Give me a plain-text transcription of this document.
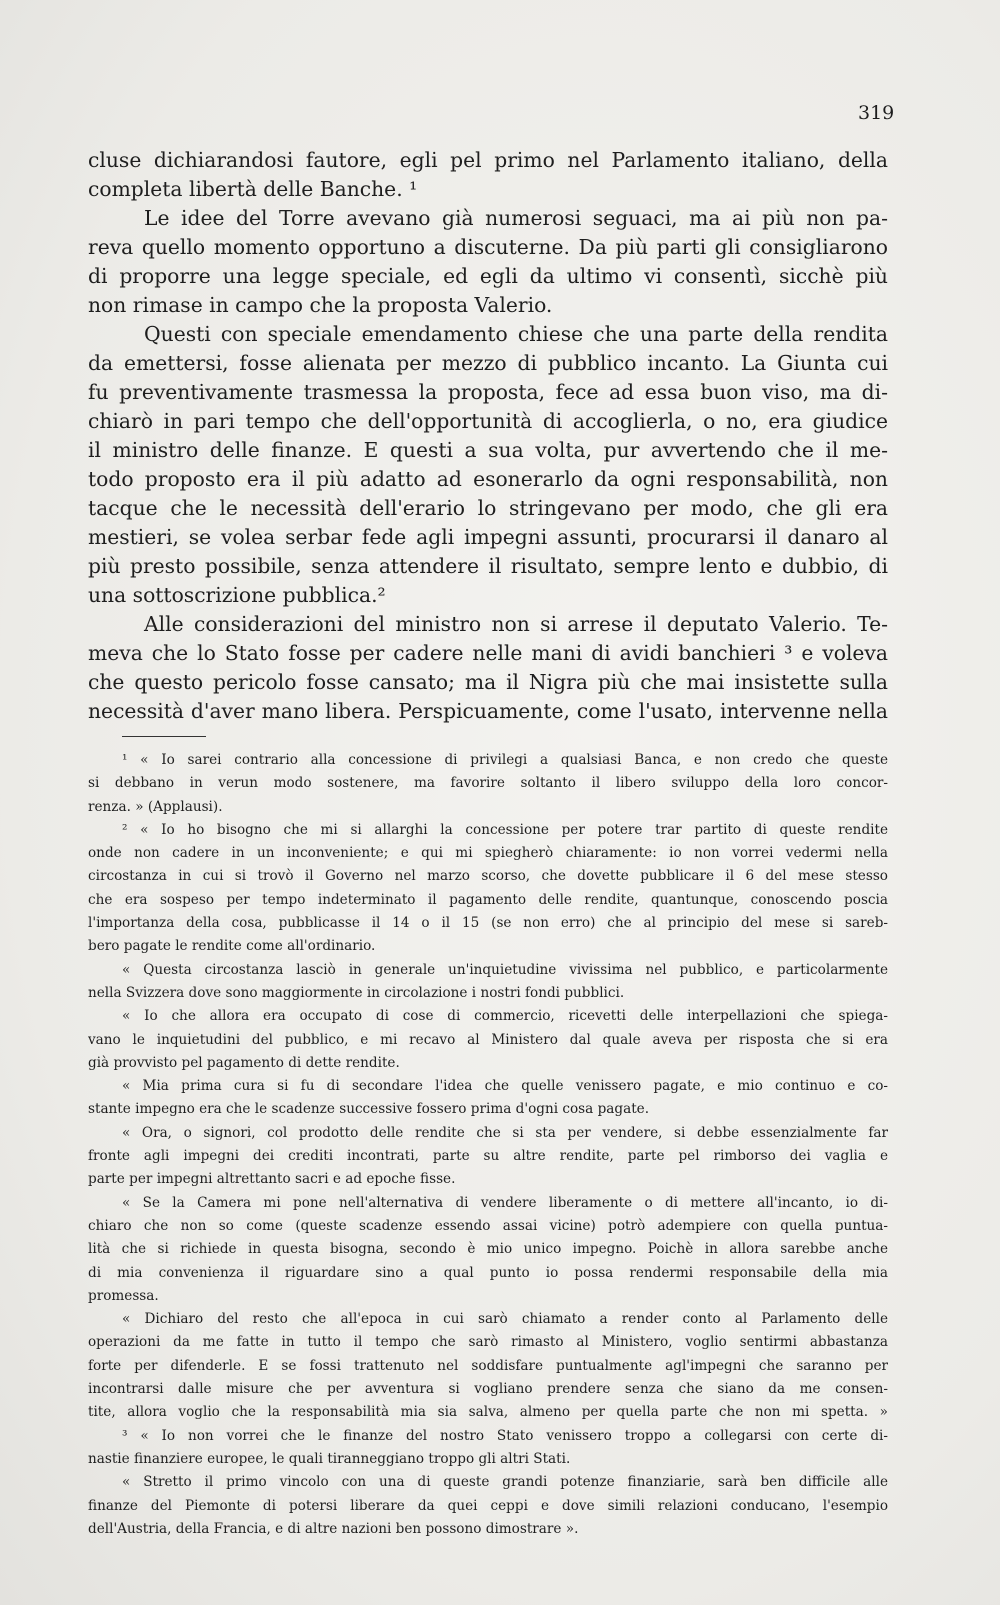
319
cluse dichiarandosi fautore, egli pel primo nel Parlamento italiano, della
completa libertà delle Banche. ¹
Le idee del Torre avevano già numerosi seguaci, ma ai più non pa-
reva quello momento opportuno a discuterne. Da più parti gli consigliarono
di proporre una legge speciale, ed egli da ultimo vi consentì, sicchè più
non rimase in campo che la proposta Valerio.
Questi con speciale emendamento chiese che una parte della rendita
da emettersi, fosse alienata per mezzo di pubblico incanto. La Giunta cui
fu preventivamente trasmessa la proposta, fece ad essa buon viso, ma di-
chiarò in pari tempo che dell'opportunità di accoglierla, o no, era giudice
il ministro delle finanze. E questi a sua volta, pur avvertendo che il me-
todo proposto era il più adatto ad esonerarlo da ogni responsabilità, non
tacque che le necessità dell'erario lo stringevano per modo, che gli era
mestieri, se volea serbar fede agli impegni assunti, procurarsi il danaro al
più presto possibile, senza attendere il risultato, sempre lento e dubbio, di
una sottoscrizione pubblica.²
Alle considerazioni del ministro non si arrese il deputato Valerio. Te-
meva che lo Stato fosse per cadere nelle mani di avidi banchieri ³ e voleva
che questo pericolo fosse cansato; ma il Nigra più che mai insistette sulla
necessità d'aver mano libera. Perspicuamente, come l'usato, intervenne nella
¹ « Io sarei contrario alla concessione di privilegi a qualsiasi Banca, e non credo che queste
si debbano in verun modo sostenere, ma favorire soltanto il libero sviluppo della loro concor-
renza. » (Applausi).
² « Io ho bisogno che mi si allarghi la concessione per potere trar partito di queste rendite
onde non cadere in un inconveniente; e qui mi spiegherò chiaramente: io non vorrei vedermi nella
circostanza in cui si trovò il Governo nel marzo scorso, che dovette pubblicare il 6 del mese stesso
che era sospeso per tempo indeterminato il pagamento delle rendite, quantunque, conoscendo poscia
l'importanza della cosa, pubblicasse il 14 o il 15 (se non erro) che al principio del mese si sareb-
bero pagate le rendite come all'ordinario.
« Questa circostanza lasciò in generale un'inquietudine vivissima nel pubblico, e particolarmente
nella Svizzera dove sono maggiormente in circolazione i nostri fondi pubblici.
« Io che allora era occupato di cose di commercio, ricevetti delle interpellazioni che spiega-
vano le inquietudini del pubblico, e mi recavo al Ministero dal quale aveva per risposta che si era
già provvisto pel pagamento di dette rendite.
« Mia prima cura si fu di secondare l'idea che quelle venissero pagate, e mio continuo e co-
stante impegno era che le scadenze successive fossero prima d'ogni cosa pagate.
« Ora, o signori, col prodotto delle rendite che si sta per vendere, si debbe essenzialmente far
fronte agli impegni dei crediti incontrati, parte su altre rendite, parte pel rimborso dei vaglia e
parte per impegni altrettanto sacri e ad epoche fisse.
« Se la Camera mi pone nell'alternativa di vendere liberamente o di mettere all'incanto, io di-
chiaro che non so come (queste scadenze essendo assai vicine) potrò adempiere con quella puntua-
lità che si richiede in questa bisogna, secondo è mio unico impegno. Poichè in allora sarebbe anche
di mia convenienza il riguardare sino a qual punto io possa rendermi responsabile della mia
promessa.
« Dichiaro del resto che all'epoca in cui sarò chiamato a render conto al Parlamento delle
operazioni da me fatte in tutto il tempo che sarò rimasto al Ministero, voglio sentirmi abbastanza
forte per difenderle. E se fossi trattenuto nel soddisfare puntualmente agl'impegni che saranno per
incontrarsi dalle misure che per avventura si vogliano prendere senza che siano da me consen-
tite, allora voglio che la responsabilità mia sia salva, almeno per quella parte che non mi spetta. »
³ « Io non vorrei che le finanze del nostro Stato venissero troppo a collegarsi con certe di-
nastie finanziere europee, le quali tiranneggiano troppo gli altri Stati.
« Stretto il primo vincolo con una di queste grandi potenze finanziarie, sarà ben difficile alle
finanze del Piemonte di potersi liberare da quei ceppi e dove simili relazioni conducano, l'esempio
dell'Austria, della Francia, e di altre nazioni ben possono dimostrare ».
